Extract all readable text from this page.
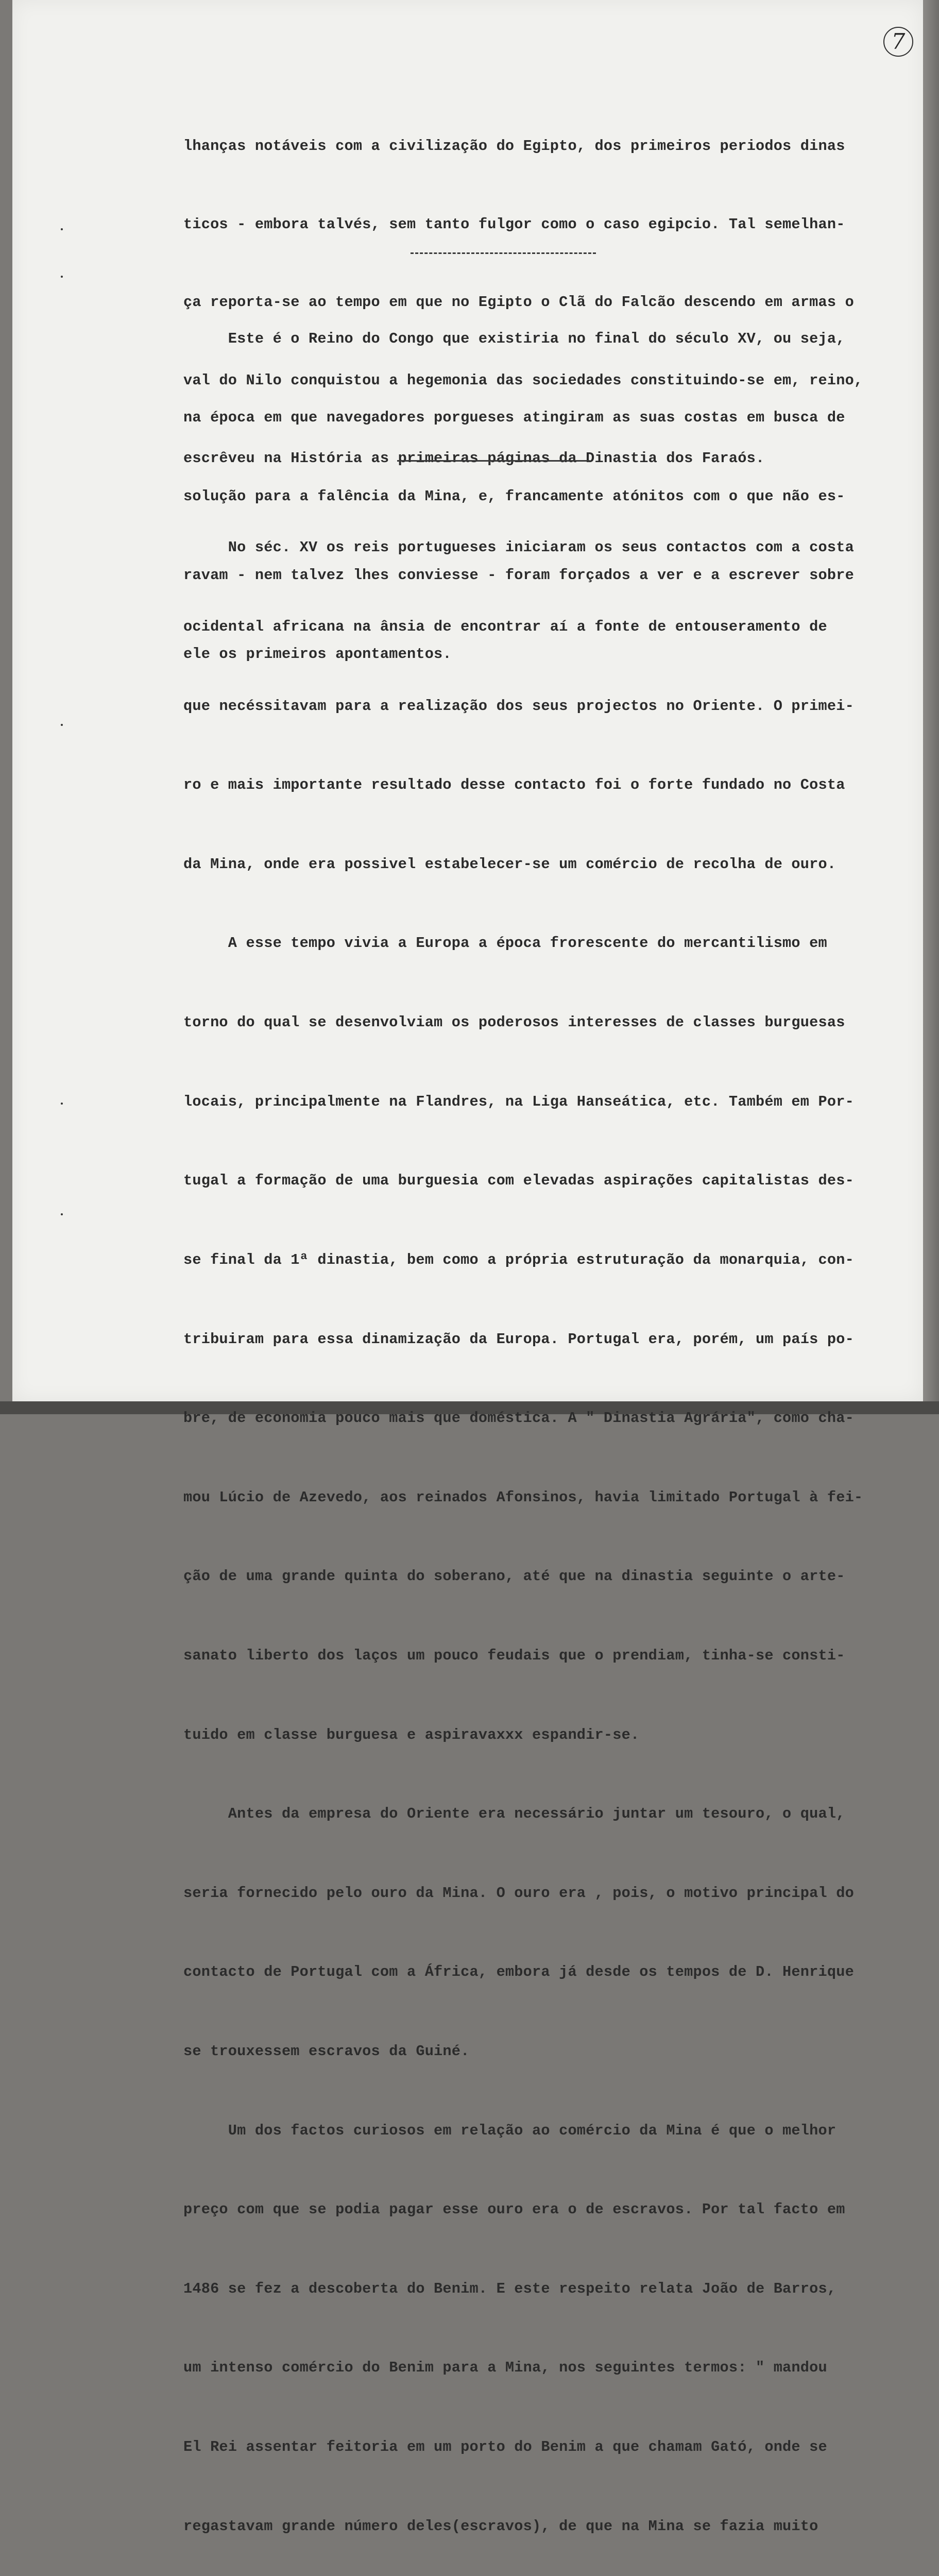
7

lhanças notáveis com a civilização do Egipto, dos primeiros periodos dinas

ticos - embora talvés, sem tanto fulgor como o caso egipcio. Tal semelhan-

ça reporta-se ao tempo em que no Egipto o Clã do Falcão descendo em armas o

val do Nilo conquistou a hegemonia das sociedades constituindo-se em, reino,

escrêveu na História as primeiras páginas da Dinastia dos Faraós.

Este é o Reino do Congo que existiria no final do século XV, ou seja,

na época em que navegadores porgueses atingiram as suas costas em busca de

solução para a falência da Mina, e, francamente atónitos com o que não es-

ravam - nem talvez lhes conviesse - foram forçados a ver e a escrever sobre

ele os primeiros apontamentos.

No séc. XV os reis portugueses iniciaram os seus contactos com a costa

ocidental africana na ânsia de encontrar aí a fonte de entouseramento de

que necéssitavam para a realização dos seus projectos no Oriente. O primei-

ro e mais importante resultado desse contacto foi o forte fundado no Costa

da Mina, onde era possivel estabelecer-se um comércio de recolha de ouro.

A esse tempo vivia a Europa a época frorescente do mercantilismo em

torno do qual se desenvolviam os poderosos interesses de classes burguesas

locais, principalmente na Flandres, na Liga Hanseática, etc. Também em Por-

tugal a formação de uma burguesia com elevadas aspirações capitalistas des-

se final da 1ª dinastia, bem como a própria estruturação da monarquia, con-

tribuiram para essa dinamização da Europa. Portugal era, porém, um país po-

bre, de economia pouco mais que doméstica. A " Dinastia Agrária", como cha-

mou Lúcio de Azevedo, aos reinados Afonsinos, havia limitado Portugal à fei-

ção de uma grande quinta do soberano, até que na dinastia seguinte o arte-

sanato liberto dos laços um pouco feudais que o prendiam, tinha-se consti-

tuido em classe burguesa e aspiravaxxx espandir-se.

Antes da empresa do Oriente era necessário juntar um tesouro, o qual,

seria fornecido pelo ouro da Mina. O ouro era , pois, o motivo principal do

contacto de Portugal com a África, embora já desde os tempos de D. Henrique

se trouxessem escravos da Guiné.

Um dos factos curiosos em relação ao comércio da Mina é que o melhor

preço com que se podia pagar esse ouro era o de escravos. Por tal facto em

1486 se fez a descoberta do Benim. E este respeito relata João de Barros,

um intenso comércio do Benim para a Mina, nos seguintes termos: " mandou

El Rei assentar feitoria em um porto do Benim a que chamam Gató, onde se

regastavam grande número deles(escravos), de que na Mina se fazia muito
